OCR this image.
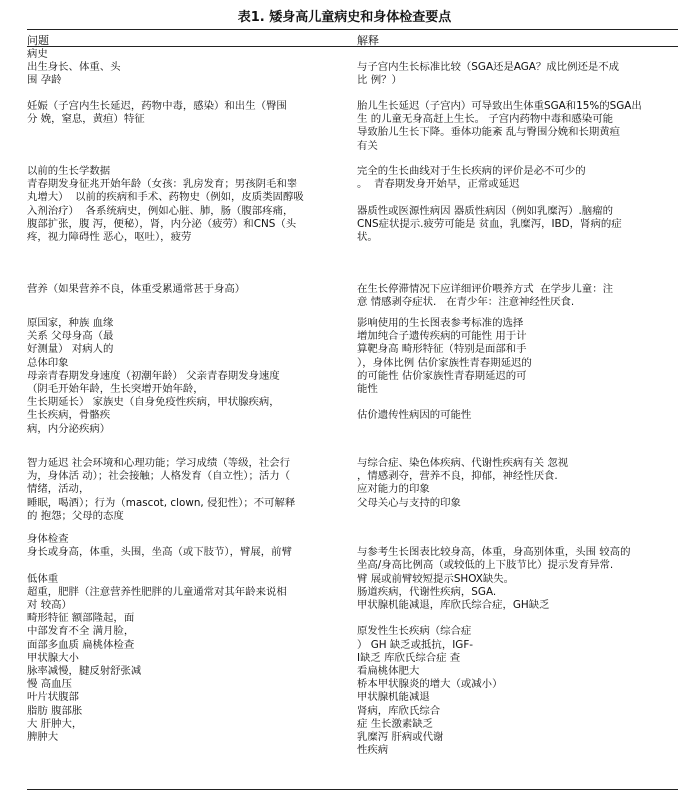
表1. 矮身高儿童病史和身体检查要点
问题	解释
病史
出生身长、体重、头
围 孕龄

与子宫内生长标准比较（SGA还是AGA？成比例还是不成
比 例？）
妊娠（子宫内生长延迟，药物中毒，感染）和出生（臀围
分 娩，窒息，黄疸）特征
胎儿生长延迟（子宫内）可导致出生体重SGA和15%的SGA出
生 的儿童无身高赶上生长。 子宫内药物中毒和感染可能
导致胎儿生长下降。垂体功能紊 乱与臀围分娩和长期黄疸
有关
以前的生长学数据
青春期发身征兆开始年龄（女孩：乳房发育；男孩阴毛和睾
丸增大）  以前的疾病和手术、药物史（例如，皮质类固醇吸
入剂治疗）  各系统病史，例如心脏、肺，肠（腹部疼痛，
腹部扩张，腹 泻，便秘），肾，内分泌（疲劳）和CNS（头
疼，视力障碍性 恶心，呕吐），疲劳
完全的生长曲线对于生长疾病的评价是必不可少的
。  青春期发身开始早，正常或延迟

器质性或医源性病因 器质性病因（例如乳糜泻）.脑瘤的
CNS症状提示.疲劳可能是 贫血，乳糜泻，IBD，肾病的症
状。
营养（如果营养不良，体重受累通常甚于身高）	在生长停滞情况下应详细评价喂养方式  在学步儿童：注
意 情感剥夺症状.   在青少年：注意神经性厌食.
原国家，种族 血缘
关系 父母身高（最
好测量） 对病人的
总体印象
母亲青春期发身速度（初潮年龄） 父亲青春期发身速度
（阴毛开始年龄，生长突增开始年龄，
生长期延长） 家族史（自身免疫性疾病，甲状腺疾病，
生长疾病，骨骼疾
病，内分泌疾病）
影响使用的生长图表参考标准的选择
增加纯合子遗传疾病的可能性 用于计
算靶身高 畸形特征（特别是面部和手
），身体比例 估价家族性青春期延迟的
的可能性 估价家族性青春期延迟的可
能性

估价遗传性病因的可能性

智力延迟 社会环境和心理功能；学习成绩（等级，社会行
为，身体活 动）；社会接触；人格发育（自立性）；活力（
情绪，活动，
睡眠，喝酒）；行为（mascot, clown, 侵犯性）；不可解释
的 抱怨；父母的态度
与综合症、染色体疾病、代谢性疾病有关 忽视
，情感剥夺，营养不良，抑郁，神经性厌食.
应对能力的印象
父母关心与支持的印象

身体检查
身长或身高，体重，头围，坐高（或下肢节），臂展，前臂

低体重
超重，肥胖（注意营养性肥胖的儿童通常对其年龄来说相
对 较高）
畸形特征 额部隆起，面
中部发育不全 满月脸，
面部多血质 扁桃体检查
甲状腺大小
脉率减慢，腱反射舒张减
慢 高血压
叶片状腹部
脂肪 腹部胀
大 肝肿大，
脾肿大

与参考生长图表比较身高，体重，身高别体重，头围 较高的
坐高/身高比例高（或较低的上下肢节比）提示发育异常.
臂 展或前臂较短提示SHOX缺失。
肠道疾病，代谢性疾病，SGA.
甲状腺机能减退，库欣氏综合症，GH缺乏

原发性生长疾病（综合症
） GH 缺乏或抵抗，IGF-
I缺乏 库欣氏综合症 查
看扁桃体肥大
桥本甲状腺炎的增大（或减小）
甲状腺机能减退
肾病，库欣氏综合
症 生长激素缺乏
乳糜泻 肝病或代谢
性疾病
